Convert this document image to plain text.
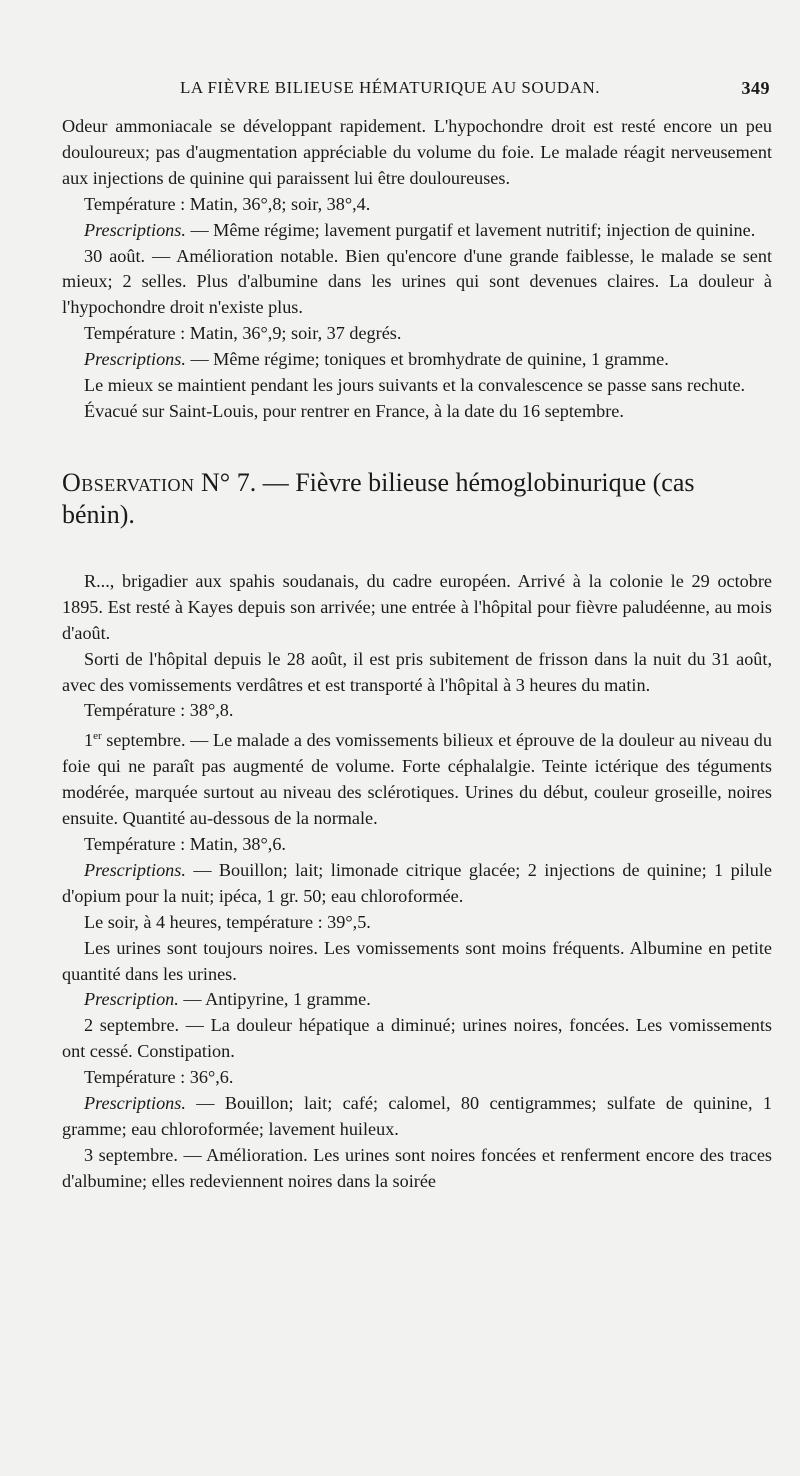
LA FIÈVRE BILIEUSE HÉMATURIQUE AU SOUDAN.	349

Odeur ammoniacale se développant rapidement. L'hypochondre droit est resté encore un peu douloureux; pas d'augmentation appréciable du volume du foie. Le malade réagit nerveusement aux injections de quinine qui paraissent lui être douloureuses.

Température : Matin, 36°,8; soir, 38°,4.

Prescriptions. — Même régime; lavement purgatif et lavement nutritif; injection de quinine.

30 août. — Amélioration notable. Bien qu'encore d'une grande faiblesse, le malade se sent mieux; 2 selles. Plus d'albumine dans les urines qui sont devenues claires. La douleur à l'hypochondre droit n'existe plus.

Température : Matin, 36°,9; soir, 37 degrés.

Prescriptions. — Même régime; toniques et bromhydrate de quinine, 1 gramme.

Le mieux se maintient pendant les jours suivants et la convalescence se passe sans rechute.

Évacué sur Saint-Louis, pour rentrer en France, à la date du 16 septembre.

Observation N° 7. — Fièvre bilieuse hémoglobinurique (cas bénin).

R..., brigadier aux spahis soudanais, du cadre européen. Arrivé à la colonie le 29 octobre 1895. Est resté à Kayes depuis son arrivée; une entrée à l'hôpital pour fièvre paludéenne, au mois d'août.

Sorti de l'hôpital depuis le 28 août, il est pris subitement de frisson dans la nuit du 31 août, avec des vomissements verdâtres et est transporté à l'hôpital à 3 heures du matin.

Température : 38°,8.

1er septembre. — Le malade a des vomissements bilieux et éprouve de la douleur au niveau du foie qui ne paraît pas augmenté de volume. Forte céphalalgie. Teinte ictérique des téguments modérée, marquée surtout au niveau des sclérotiques. Urines du début, couleur groseille, noires ensuite. Quantité au-dessous de la normale.

Température : Matin, 38°,6.

Prescriptions. — Bouillon; lait; limonade citrique glacée; 2 injections de quinine; 1 pilule d'opium pour la nuit; ipéca, 1 gr. 50; eau chloroformée.

Le soir, à 4 heures, température : 39°,5.

Les urines sont toujours noires. Les vomissements sont moins fréquents. Albumine en petite quantité dans les urines.

Prescription. — Antipyrine, 1 gramme.

2 septembre. — La douleur hépatique a diminué; urines noires, foncées. Les vomissements ont cessé. Constipation.

Température : 36°,6.

Prescriptions. — Bouillon; lait; café; calomel, 80 centigrammes; sulfate de quinine, 1 gramme; eau chloroformée; lavement huileux.

3 septembre. — Amélioration. Les urines sont noires foncées et renferment encore des traces d'albumine; elles redeviennent noires dans la soirée
